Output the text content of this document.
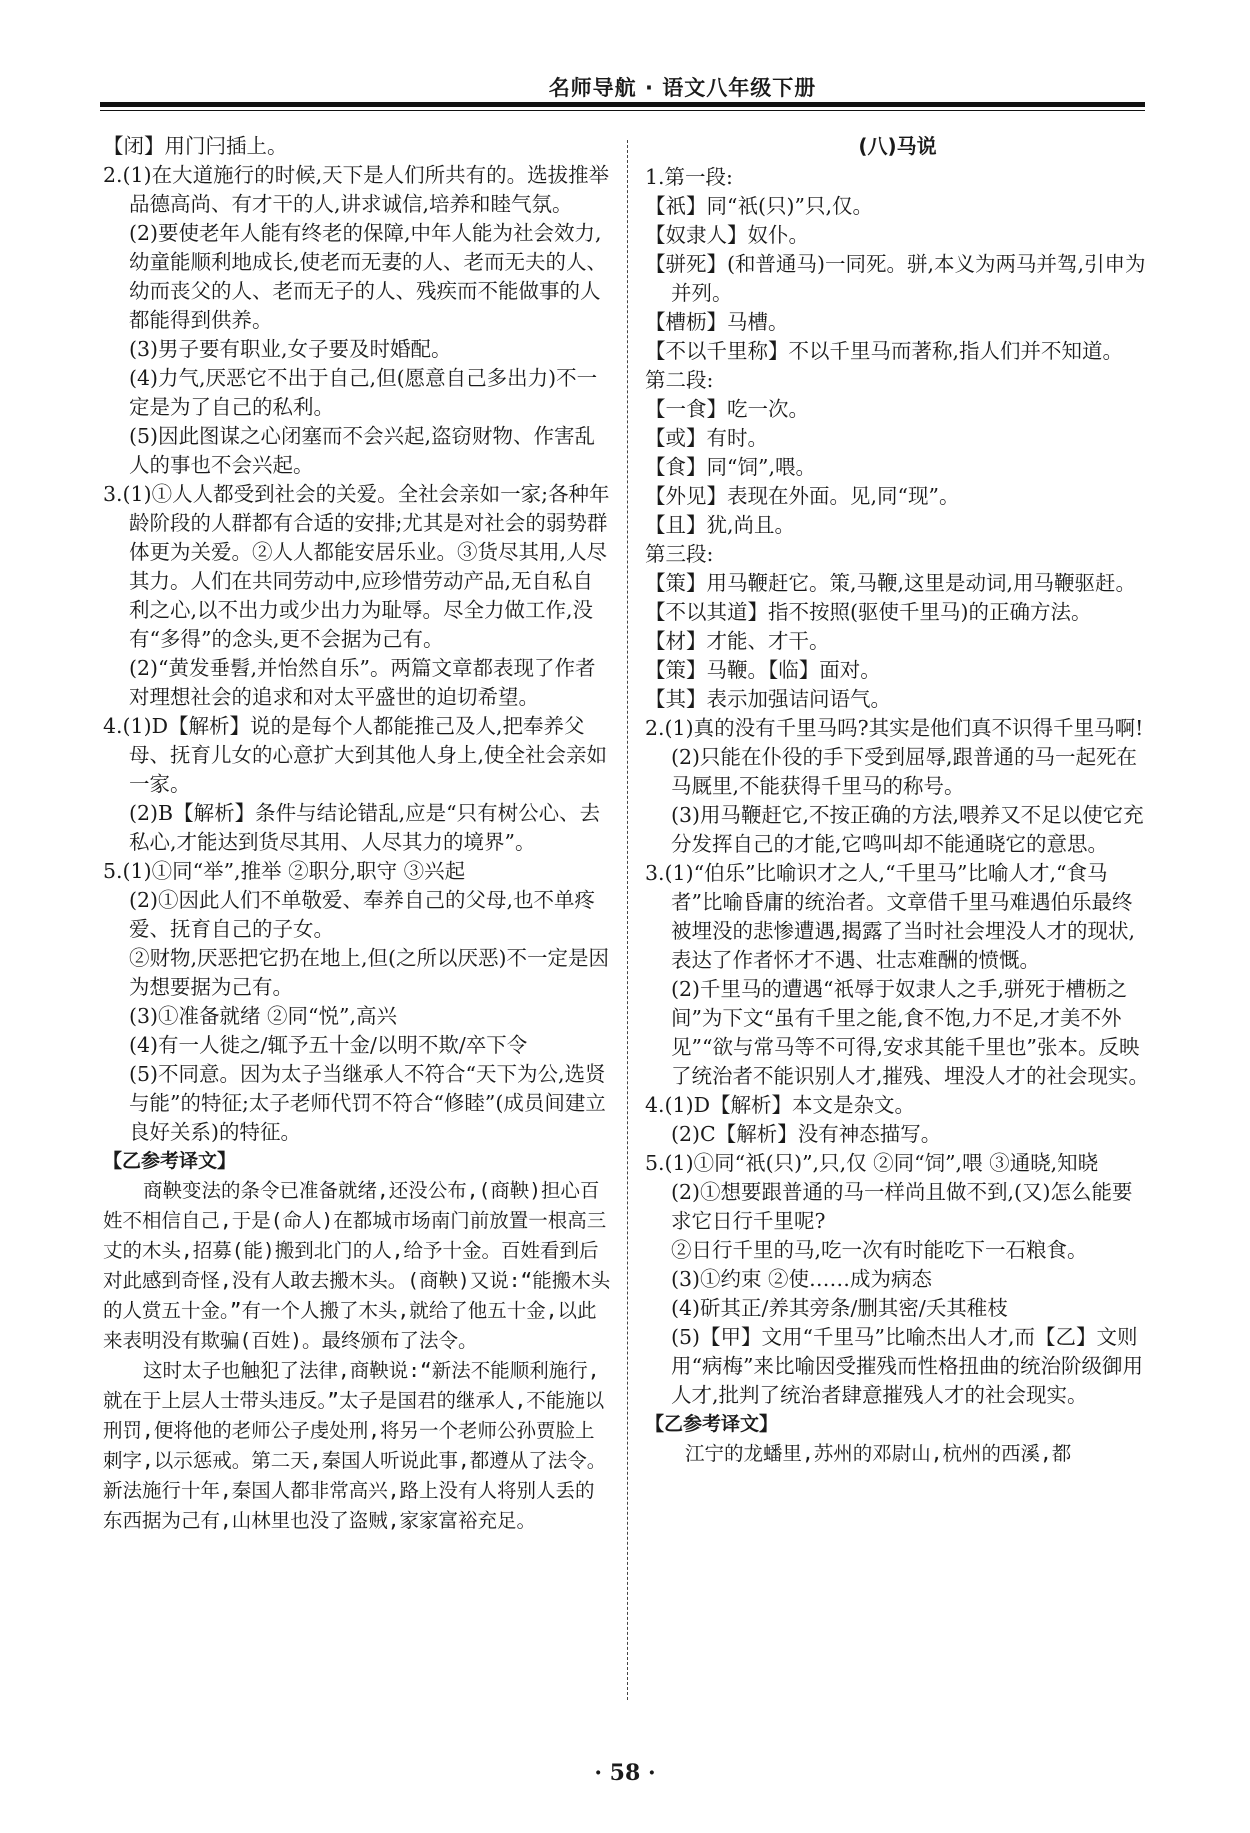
名师导航 · 语文八年级下册
【闭】用门闩插上。
2.(1)在大道施行的时候,天下是人们所共有的。选拔推举品德高尚、有才干的人,讲求诚信,培养和睦气氛。
(2)要使老年人能有终老的保障,中年人能为社会效力,幼童能顺利地成长,使老而无妻的人、老而无夫的人、幼而丧父的人、老而无子的人、残疾而不能做事的人都能得到供养。
(3)男子要有职业,女子要及时婚配。
(4)力气,厌恶它不出于自己,但(愿意自己多出力)不一定是为了自己的私利。
(5)因此图谋之心闭塞而不会兴起,盗窃财物、作害乱人的事也不会兴起。
3.(1)①人人都受到社会的关爱。全社会亲如一家;各种年龄阶段的人群都有合适的安排;尤其是对社会的弱势群体更为关爱。②人人都能安居乐业。③货尽其用,人尽其力。人们在共同劳动中,应珍惜劳动产品,无自私自利之心,以不出力或少出力为耻辱。尽全力做工作,没有“多得”的念头,更不会据为己有。
(2)“黄发垂髫,并怡然自乐”。两篇文章都表现了作者对理想社会的追求和对太平盛世的迫切希望。
4.(1)D【解析】说的是每个人都能推己及人,把奉养父母、抚育儿女的心意扩大到其他人身上,使全社会亲如一家。
(2)B【解析】条件与结论错乱,应是“只有树公心、去私心,才能达到货尽其用、人尽其力的境界”。
5.(1)①同“举”,推举 ②职分,职守 ③兴起
(2)①因此人们不单敬爱、奉养自己的父母,也不单疼爱、抚育自己的子女。
②财物,厌恶把它扔在地上,但(之所以厌恶)不一定是因为想要据为己有。
(3)①准备就绪 ②同“悦”,高兴
(4)有一人徙之/辄予五十金/以明不欺/卒下令
(5)不同意。因为太子当继承人不符合“天下为公,选贤与能”的特征;太子老师代罚不符合“修睦”(成员间建立良好关系)的特征。
【乙参考译文】
商鞅变法的条令已准备就绪,还没公布,(商鞅)担心百姓不相信自己,于是(命人)在都城市场南门前放置一根高三丈的木头,招募(能)搬到北门的人,给予十金。百姓看到后对此感到奇怪,没有人敢去搬木头。(商鞅)又说:“能搬木头的人赏五十金。”有一个人搬了木头,就给了他五十金,以此来表明没有欺骗(百姓)。最终颁布了法令。
这时太子也触犯了法律,商鞅说:“新法不能顺利施行,就在于上层人士带头违反。”太子是国君的继承人,不能施以刑罚,便将他的老师公子虔处刑,将另一个老师公孙贾脸上刺字,以示惩戒。第二天,秦国人听说此事,都遵从了法令。新法施行十年,秦国人都非常高兴,路上没有人将别人丢的东西据为己有,山林里也没了盗贼,家家富裕充足。
(八)马说
1.第一段:
【祇】同“祇(只)”只,仅。
【奴隶人】奴仆。
【骈死】(和普通马)一同死。骈,本义为两马并驾,引申为并列。
【槽枥】马槽。
【不以千里称】不以千里马而著称,指人们并不知道。
第二段:
【一食】吃一次。
【或】有时。
【食】同“饲”,喂。
【外见】表现在外面。见,同“现”。
【且】犹,尚且。
第三段:
【策】用马鞭赶它。策,马鞭,这里是动词,用马鞭驱赶。
【不以其道】指不按照(驱使千里马)的正确方法。
【材】才能、才干。
【策】马鞭。【临】面对。
【其】表示加强诘问语气。
2.(1)真的没有千里马吗?其实是他们真不识得千里马啊!
(2)只能在仆役的手下受到屈辱,跟普通的马一起死在马厩里,不能获得千里马的称号。
(3)用马鞭赶它,不按正确的方法,喂养又不足以使它充分发挥自己的才能,它鸣叫却不能通晓它的意思。
3.(1)“伯乐”比喻识才之人,“千里马”比喻人才,“食马者”比喻昏庸的统治者。文章借千里马难遇伯乐最终被埋没的悲惨遭遇,揭露了当时社会埋没人才的现状,表达了作者怀才不遇、壮志难酬的愤慨。
(2)千里马的遭遇“祇辱于奴隶人之手,骈死于槽枥之间”为下文“虽有千里之能,食不饱,力不足,才美不外见”“欲与常马等不可得,安求其能千里也”张本。反映了统治者不能识别人才,摧残、埋没人才的社会现实。
4.(1)D【解析】本文是杂文。
(2)C【解析】没有神态描写。
5.(1)①同“祇(只)”,只,仅 ②同“饲”,喂 ③通晓,知晓
(2)①想要跟普通的马一样尚且做不到,(又)怎么能要求它日行千里呢?
②日行千里的马,吃一次有时能吃下一石粮食。
(3)①约束 ②使……成为病态
(4)斫其正/养其旁条/删其密/夭其稚枝
(5)【甲】文用“千里马”比喻杰出人才,而【乙】文则用“病梅”来比喻因受摧残而性格扭曲的统治阶级御用人才,批判了统治者肆意摧残人才的社会现实。
【乙参考译文】
江宁的龙蟠里,苏州的邓尉山,杭州的西溪,都
· 58 ·
